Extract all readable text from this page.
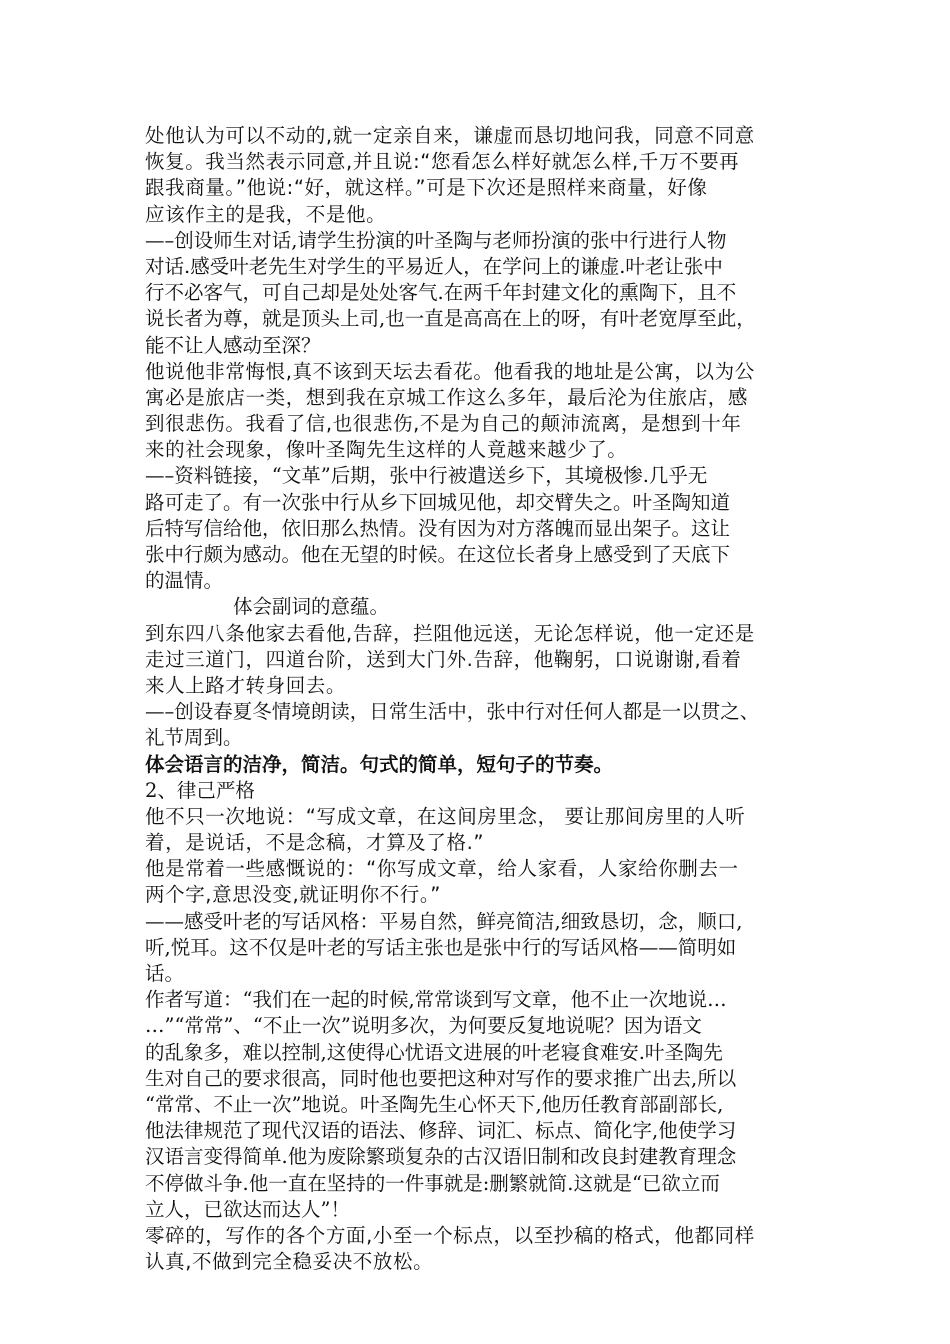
处他认为可以不动的,就一定亲自来，谦虚而恳切地问我，同意不同意
恢复。我当然表示同意,并且说:“您看怎么样好就怎么样,千万不要再
跟我商量。”他说:“好，就这样。”可是下次还是照样来商量，好像
应该作主的是我，不是他。
—–创设师生对话,请学生扮演的叶圣陶与老师扮演的张中行进行人物
对话.感受叶老先生对学生的平易近人，在学问上的谦虚.叶老让张中
行不必客气，可自己却是处处客气.在两千年封建文化的熏陶下，且不
说长者为尊，就是顶头上司,也一直是高高在上的呀，有叶老宽厚至此，
能不让人感动至深？
他说他非常悔恨,真不该到天坛去看花。他看我的地址是公寓，以为公
寓必是旅店一类，想到我在京城工作这么多年，最后沦为住旅店，感
到很悲伤。我看了信,也很悲伤,不是为自己的颠沛流离，是想到十年
来的社会现象，像叶圣陶先生这样的人竟越来越少了。
—–资料链接，“文革”后期，张中行被遣送乡下，其境极惨.几乎无
路可走了。有一次张中行从乡下回城见他，却交臂失之。叶圣陶知道
后特写信给他，依旧那么热情。没有因为对方落魄而显出架子。这让
张中行颇为感动。他在无望的时候。在这位长者身上感受到了天底下
的温情。
体会副词的意蕴。
到东四八条他家去看他,告辞，拦阻他远送，无论怎样说，他一定还是
走过三道门，四道台阶，送到大门外.告辞，他鞠躬，口说谢谢,看着
来人上路才转身回去。
—–创设春夏冬情境朗读，日常生活中，张中行对任何人都是一以贯之、
礼节周到。
体会语言的洁净，简洁。句式的简单，短句子的节奏。
2、律己严格
他不只一次地说：“写成文章，在这间房里念， 要让那间房里的人听
着，是说话，不是念稿，才算及了格.”
他是常着一些感慨说的：“你写成文章，给人家看，人家给你删去一
两个字,意思没变,就证明你不行。”
——感受叶老的写话风格：平易自然，鲜亮简洁,细致恳切，念，顺口,
听,悦耳。这不仅是叶老的写话主张也是张中行的写话风格——简明如
话。
作者写道：“我们在一起的时候,常常谈到写文章，他不止一次地说…
…”“常常”、“不止一次”说明多次，为何要反复地说呢？因为语文
的乱象多，难以控制,这使得心忧语文进展的叶老寝食难安.叶圣陶先
生对自己的要求很高，同时他也要把这种对写作的要求推广出去,所以
“常常、不止一次”地说。叶圣陶先生心怀天下,他历任教育部副部长,
他法律规范了现代汉语的语法、修辞、词汇、标点、简化字,他使学习
汉语言变得简单.他为废除繁琐复杂的古汉语旧制和改良封建教育理念
不停做斗争.他一直在坚持的一件事就是:删繁就简.这就是“已欲立而
立人，已欲达而达人”！
零碎的，写作的各个方面,小至一个标点，以至抄稿的格式，他都同样
认真,不做到完全稳妥决不放松。
